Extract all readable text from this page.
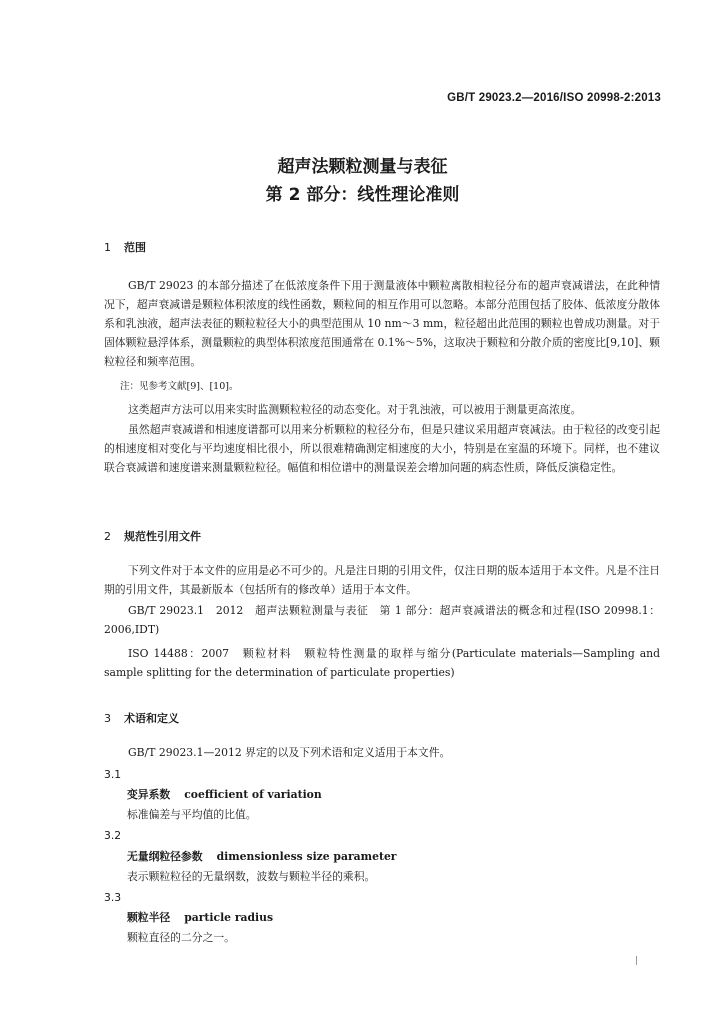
GB/T 29023.2—2016/ISO 20998-2:2013
超声法颗粒测量与表征
第 2 部分：线性理论准则
1 范围
GB/T 29023 的本部分描述了在低浓度条件下用于测量液体中颗粒离散相粒径分布的超声衰减谱法，在此种情况下，超声衰减谱是颗粒体积浓度的线性函数，颗粒间的相互作用可以忽略。本部分范围包括了胶体、低浓度分散体系和乳浊液，超声法表征的颗粒粒径大小的典型范围从 10 nm～3 mm，粒径超出此范围的颗粒也曾成功测量。对于固体颗粒悬浮体系，测量颗粒的典型体积浓度范围通常在 0.1%～5%，这取决于颗粒和分散介质的密度比[9,10]、颗粒粒径和频率范围。
注：见参考文献[9]、[10]。
这类超声方法可以用来实时监测颗粒粒径的动态变化。对于乳浊液，可以被用于测量更高浓度。
虽然超声衰减谱和相速度谱都可以用来分析颗粒的粒径分布，但是只建议采用超声衰减法。由于粒径的改变引起的相速度相对变化与平均速度相比很小，所以很难精确测定相速度的大小，特别是在室温的环境下。同样，也不建议联合衰减谱和速度谱来测量颗粒粒径。幅值和相位谱中的测量误差会增加问题的病态性质，降低反演稳定性。
2 规范性引用文件
下列文件对于本文件的应用是必不可少的。凡是注日期的引用文件，仅注日期的版本适用于本文件。凡是不注日期的引用文件，其最新版本（包括所有的修改单）适用于本文件。
GB/T 29023.1　2012　超声法颗粒测量与表征　第 1 部分：超声衰减谱法的概念和过程(ISO 20998.1：2006,IDT)
ISO 14488：2007　颗粒材料　颗粒特性测量的取样与缩分(Particulate materials—Sampling and sample splitting for the determination of particulate properties)
3 术语和定义
GB/T 29023.1—2012 界定的以及下列术语和定义适用于本文件。
3.1
变异系数 coefficient of variation
标准偏差与平均值的比值。
3.2
无量纲粒径参数 dimensionless size parameter
表示颗粒粒径的无量纲数，波数与颗粒半径的乘积。
3.3
颗粒半径 particle radius
颗粒直径的二分之一。
